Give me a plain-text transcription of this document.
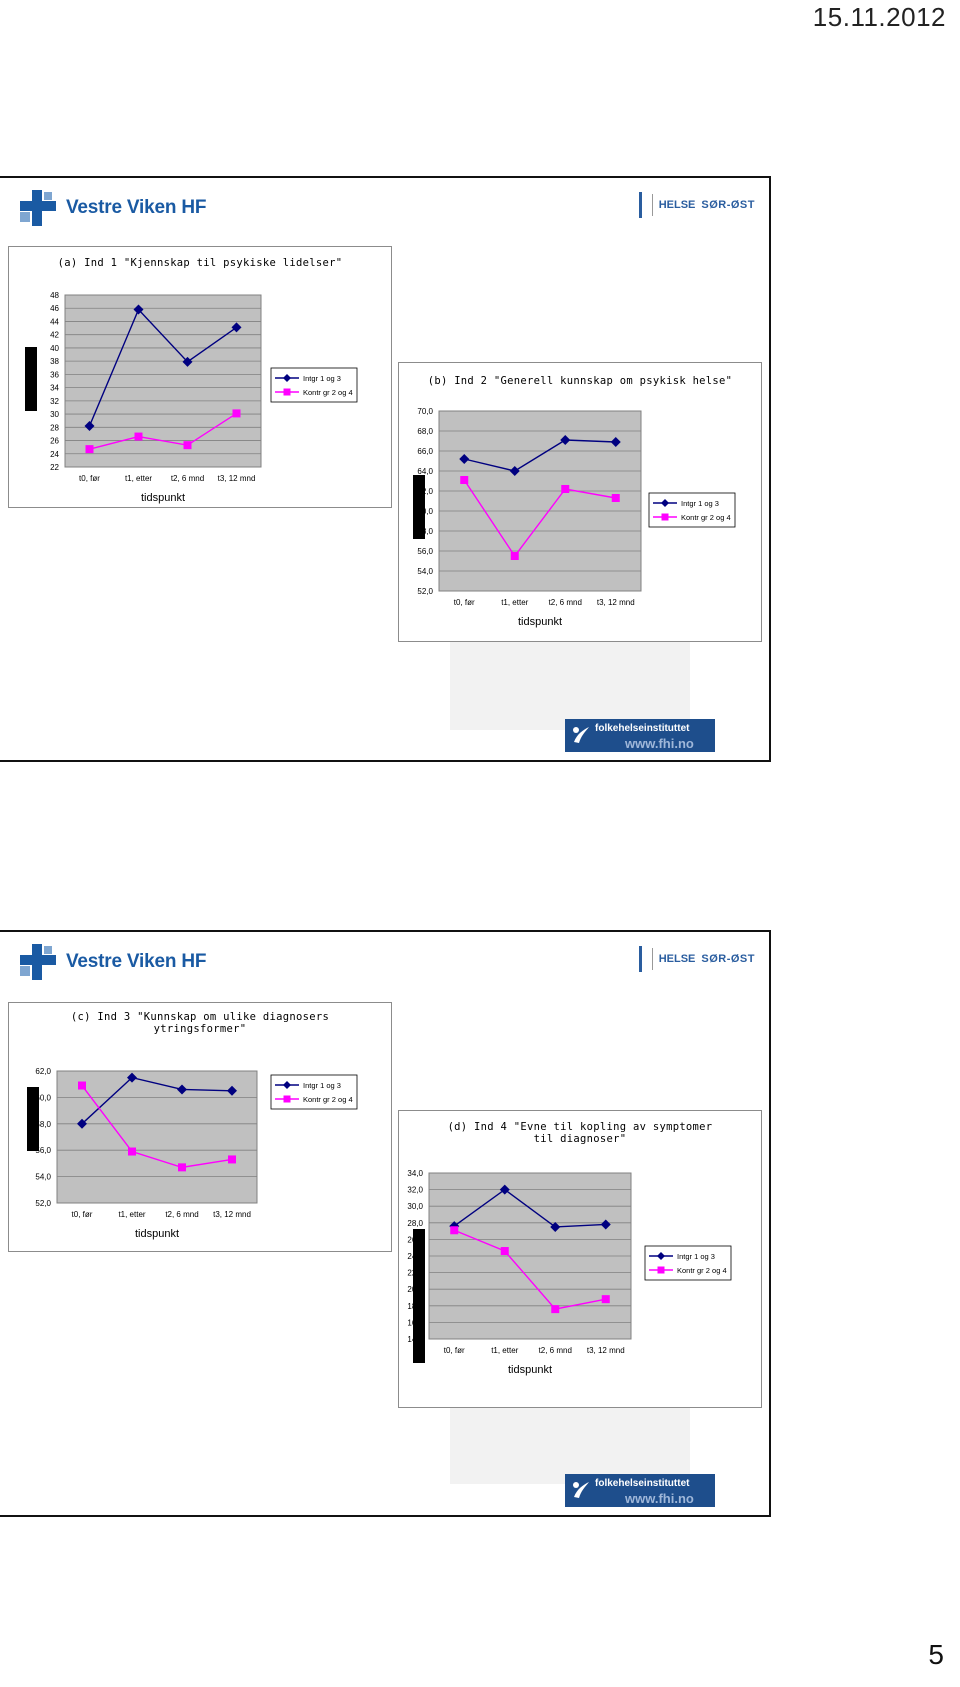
15.11.2012
Vestre Viken HF	HELSE SØR-ØST
(a) Ind 1 "Kjennskap til psykiske lidelser"
22
24
26
28
30
32
34
36
38
40
42
44
46
48
t0, før	t1, etter t2, 6 mnd t3, 12 mnd
tidspunkt
Intgr 1 og 3
Kontr gr 2 og 4
(b) Ind 2 "Generell kunnskap om psykisk helse"
52,0
54,0
56,0
58,0
60,0
62,0
64,0
66,0
68,0
70,0
t0, før	t1, etter	t2, 6 mnd t3, 12 mnd
tidspunkt
Intgr 1 og 3
Kontr gr 2 og 4
folkehelseinstituttet
www.fhi.no
Vestre Viken HF	HELSE SØR-ØST
(c) Ind 3 "Kunnskap om ulike diagnosers ytringsformer"
52,0
54,0
56,0
58,0
60,0
62,0
t0, før	t1, etter t2, 6 mnd t3, 12 mnd
tidspunkt
Intgr 1 og 3
Kontr gr 2 og 4
(d) Ind 4 "Evne til kopling av symptomer til diagnoser"
14,0
16,0
18,0
20,0
22,0
24,0
26,0
28,0
30,0
32,0
34,0
t0, før	t1, etter	t2, 6 mnd t3, 12 mnd
tidspunkt
Intgr 1 og 3
Kontr gr 2 og 4
folkehelseinstituttet
www.fhi.no
5
